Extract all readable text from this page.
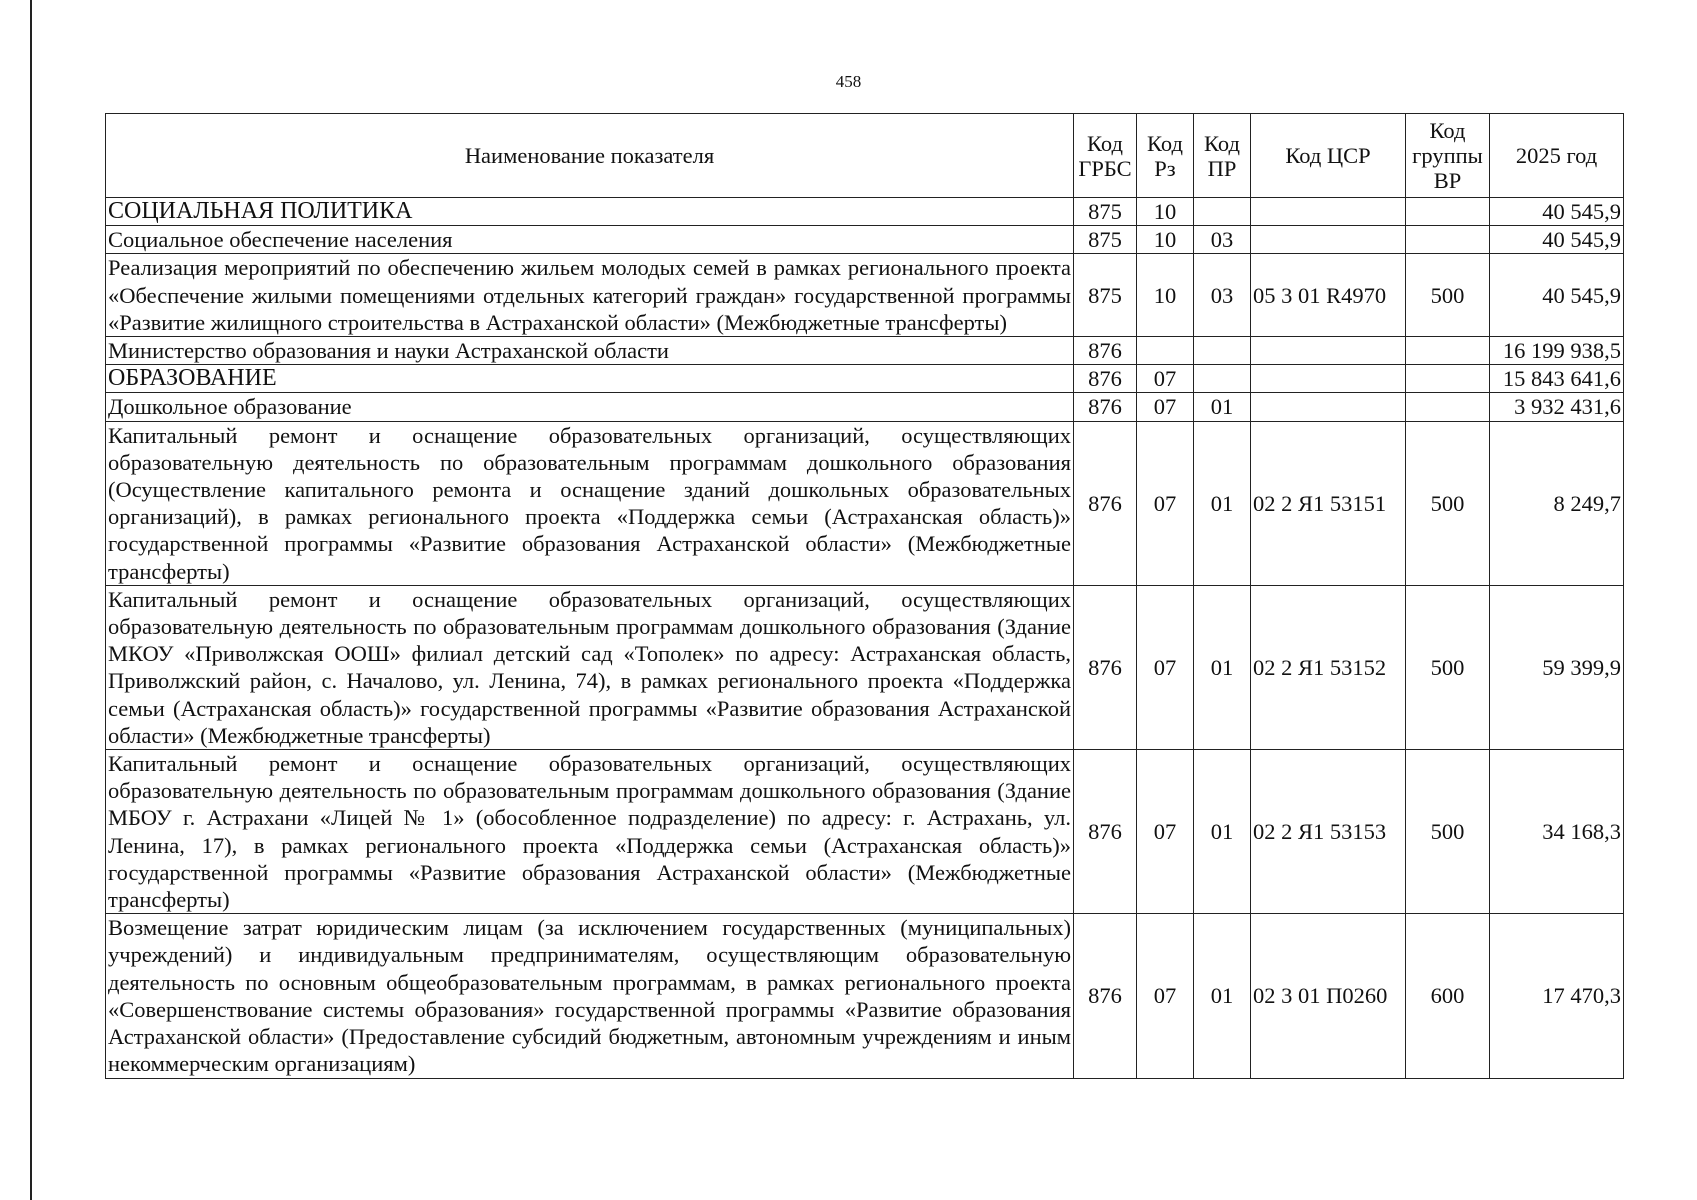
458
Наименование показателя	Код ГРБС	Код Рз	Код ПР	Код ЦСР	Код группы ВР	2025 год
СОЦИАЛЬНАЯ ПОЛИТИКА	875	10				40 545,9
Социальное обеспечение населения	875	10	03			40 545,9
Реализация мероприятий по обеспечению жильем молодых семей в рамках регионального проекта «Обеспечение жилыми помещениями отдельных категорий граждан» государственной программы «Развитие жилищного строительства в Астраханской области» (Межбюджетные трансферты)	875	10	03	05 3 01 R4970	500	40 545,9
Министерство образования и науки Астраханской области	876					16 199 938,5
ОБРАЗОВАНИЕ	876	07				15 843 641,6
Дошкольное образование	876	07	01			3 932 431,6
Капитальный ремонт и оснащение образовательных организаций, осуществляющих образовательную деятельность по образовательным программам дошкольного образования (Осуществление капитального ремонта и оснащение зданий дошкольных образовательных организаций), в рамках регионального проекта «Поддержка семьи (Астраханская область)» государственной программы «Развитие образования Астраханской области» (Межбюджетные трансферты)	876	07	01	02 2 Я1 53151	500	8 249,7
Капитальный ремонт и оснащение образовательных организаций, осуществляющих образовательную деятельность по образовательным программам дошкольного образования (Здание МКОУ «Приволжская ООШ» филиал детский сад «Тополек» по адресу: Астраханская область, Приволжский район, с. Началово, ул. Ленина, 74), в рамках регионального проекта «Поддержка семьи (Астраханская область)» государственной программы «Развитие образования Астраханской области» (Межбюджетные трансферты)	876	07	01	02 2 Я1 53152	500	59 399,9
Капитальный ремонт и оснащение образовательных организаций, осуществляющих образовательную деятельность по образовательным программам дошкольного образования (Здание МБОУ г. Астрахани «Лицей № 1» (обособленное подразделение) по адресу: г. Астрахань, ул. Ленина, 17), в рамках регионального проекта «Поддержка семьи (Астраханская область)» государственной программы «Развитие образования Астраханской области» (Межбюджетные трансферты)	876	07	01	02 2 Я1 53153	500	34 168,3
Возмещение затрат юридическим лицам (за исключением государственных (муниципальных) учреждений) и индивидуальным предпринимателям, осуществляющим образовательную деятельность по основным общеобразовательным программам, в рамках регионального проекта «Совершенствование системы образования» государственной программы «Развитие образования Астраханской области» (Предоставление субсидий бюджетным, автономным учреждениям и иным некоммерческим организациям)	876	07	01	02 3 01 П0260	600	17 470,3
